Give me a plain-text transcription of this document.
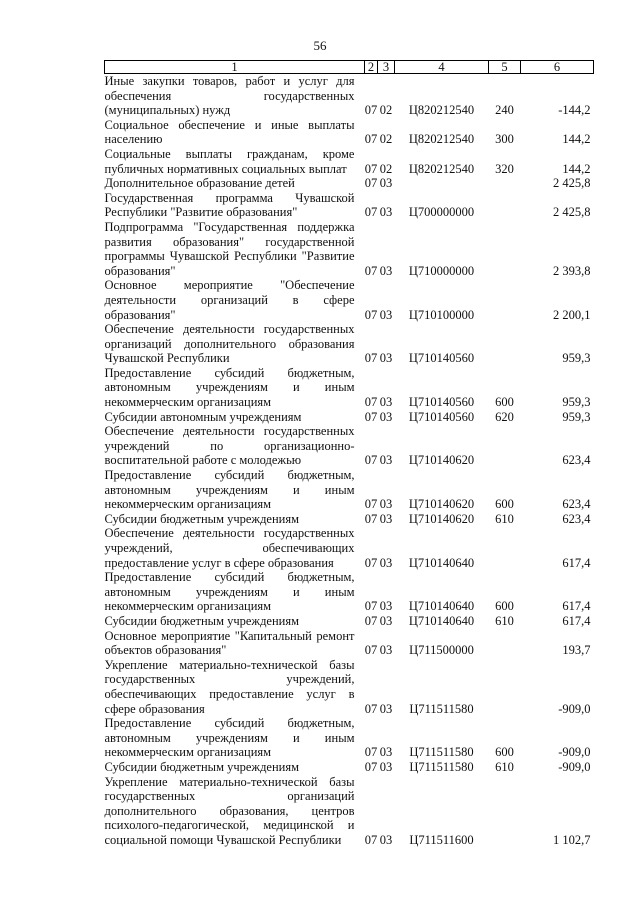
56
1	2	3	4	5	6
Иные закупки товаров, работ и услуг для обеспечения государственных (муниципальных) нужд	07	02	Ц820212540	240	-144,2
Социальное обеспечение и иные выплаты населению	07	02	Ц820212540	300	144,2
Социальные выплаты гражданам, кроме публичных нормативных социальных выплат	07	02	Ц820212540	320	144,2
Дополнительное образование детей	07	03			2 425,8
Государственная программа Чувашской Республики "Развитие образования"	07	03	Ц700000000		2 425,8
Подпрограмма "Государственная поддержка развития образования" государственной программы Чувашской Республики "Развитие образования"	07	03	Ц710000000		2 393,8
Основное мероприятие "Обеспечение деятельности организаций в сфере образования"	07	03	Ц710100000		2 200,1
Обеспечение деятельности государственных организаций дополнительного образования Чувашской Республики	07	03	Ц710140560		959,3
Предоставление субсидий бюджетным, автономным учреждениям и иным некоммерческим организациям	07	03	Ц710140560	600	959,3
Субсидии автономным учреждениям	07	03	Ц710140560	620	959,3
Обеспечение деятельности государственных учреждений по организационно-воспитательной работе с молодежью	07	03	Ц710140620		623,4
Предоставление субсидий бюджетным, автономным учреждениям и иным некоммерческим организациям	07	03	Ц710140620	600	623,4
Субсидии бюджетным учреждениям	07	03	Ц710140620	610	623,4
Обеспечение деятельности государственных учреждений, обеспечивающих предоставление услуг в сфере образования	07	03	Ц710140640		617,4
Предоставление субсидий бюджетным, автономным учреждениям и иным некоммерческим организациям	07	03	Ц710140640	600	617,4
Субсидии бюджетным учреждениям	07	03	Ц710140640	610	617,4
Основное мероприятие "Капитальный ремонт объектов образования"	07	03	Ц711500000		193,7
Укрепление материально-технической базы государственных учреждений, обеспечивающих предоставление услуг в сфере образования	07	03	Ц711511580		-909,0
Предоставление субсидий бюджетным, автономным учреждениям и иным некоммерческим организациям	07	03	Ц711511580	600	-909,0
Субсидии бюджетным учреждениям	07	03	Ц711511580	610	-909,0
Укрепление материально-технической базы государственных организаций дополнительного образования, центров психолого-педагогической, медицинской и социальной помощи Чувашской Республики	07	03	Ц711511600		1 102,7
